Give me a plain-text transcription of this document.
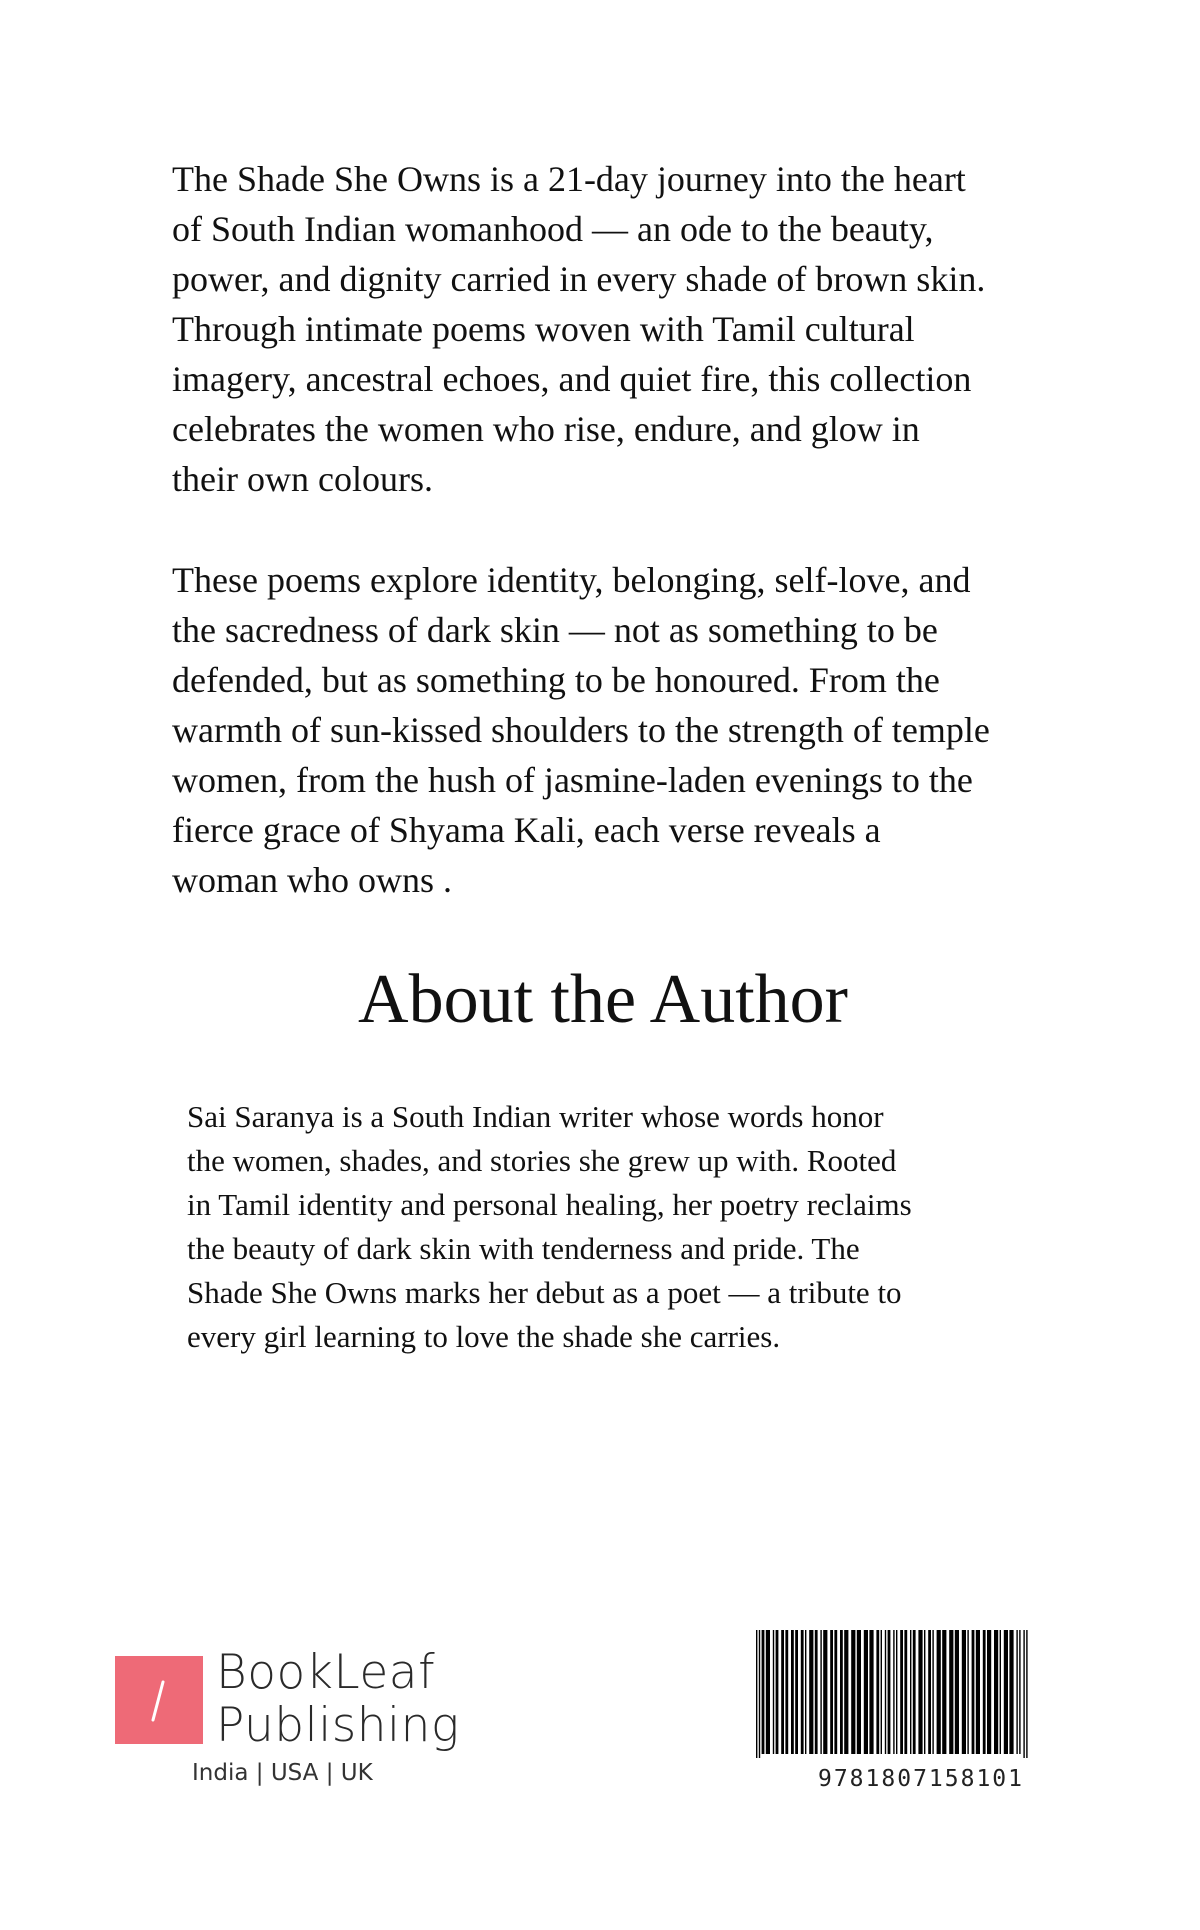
The Shade She Owns is a 21-day journey into the heart
of South Indian womanhood — an ode to the beauty,
power, and dignity carried in every shade of brown skin.
Through intimate poems woven with Tamil cultural
imagery, ancestral echoes, and quiet fire, this collection
celebrates the women who rise, endure, and glow in
their own colours.
These poems explore identity, belonging, self-love, and
the sacredness of dark skin — not as something to be
defended, but as something to be honoured. From the
warmth of sun-kissed shoulders to the strength of temple
women, from the hush of jasmine-laden evenings to the
fierce grace of Shyama Kali, each verse reveals a
woman who owns .
About the Author
Sai Saranya is a South Indian writer whose words honor
the women, shades, and stories she grew up with. Rooted
in Tamil identity and personal healing, her poetry reclaims
the beauty of dark skin with tenderness and pride. The
Shade She Owns marks her debut as a poet — a tribute to
every girl learning to love the shade she carries.
BookLeaf
Publishing
India | USA | UK	9781807158101
